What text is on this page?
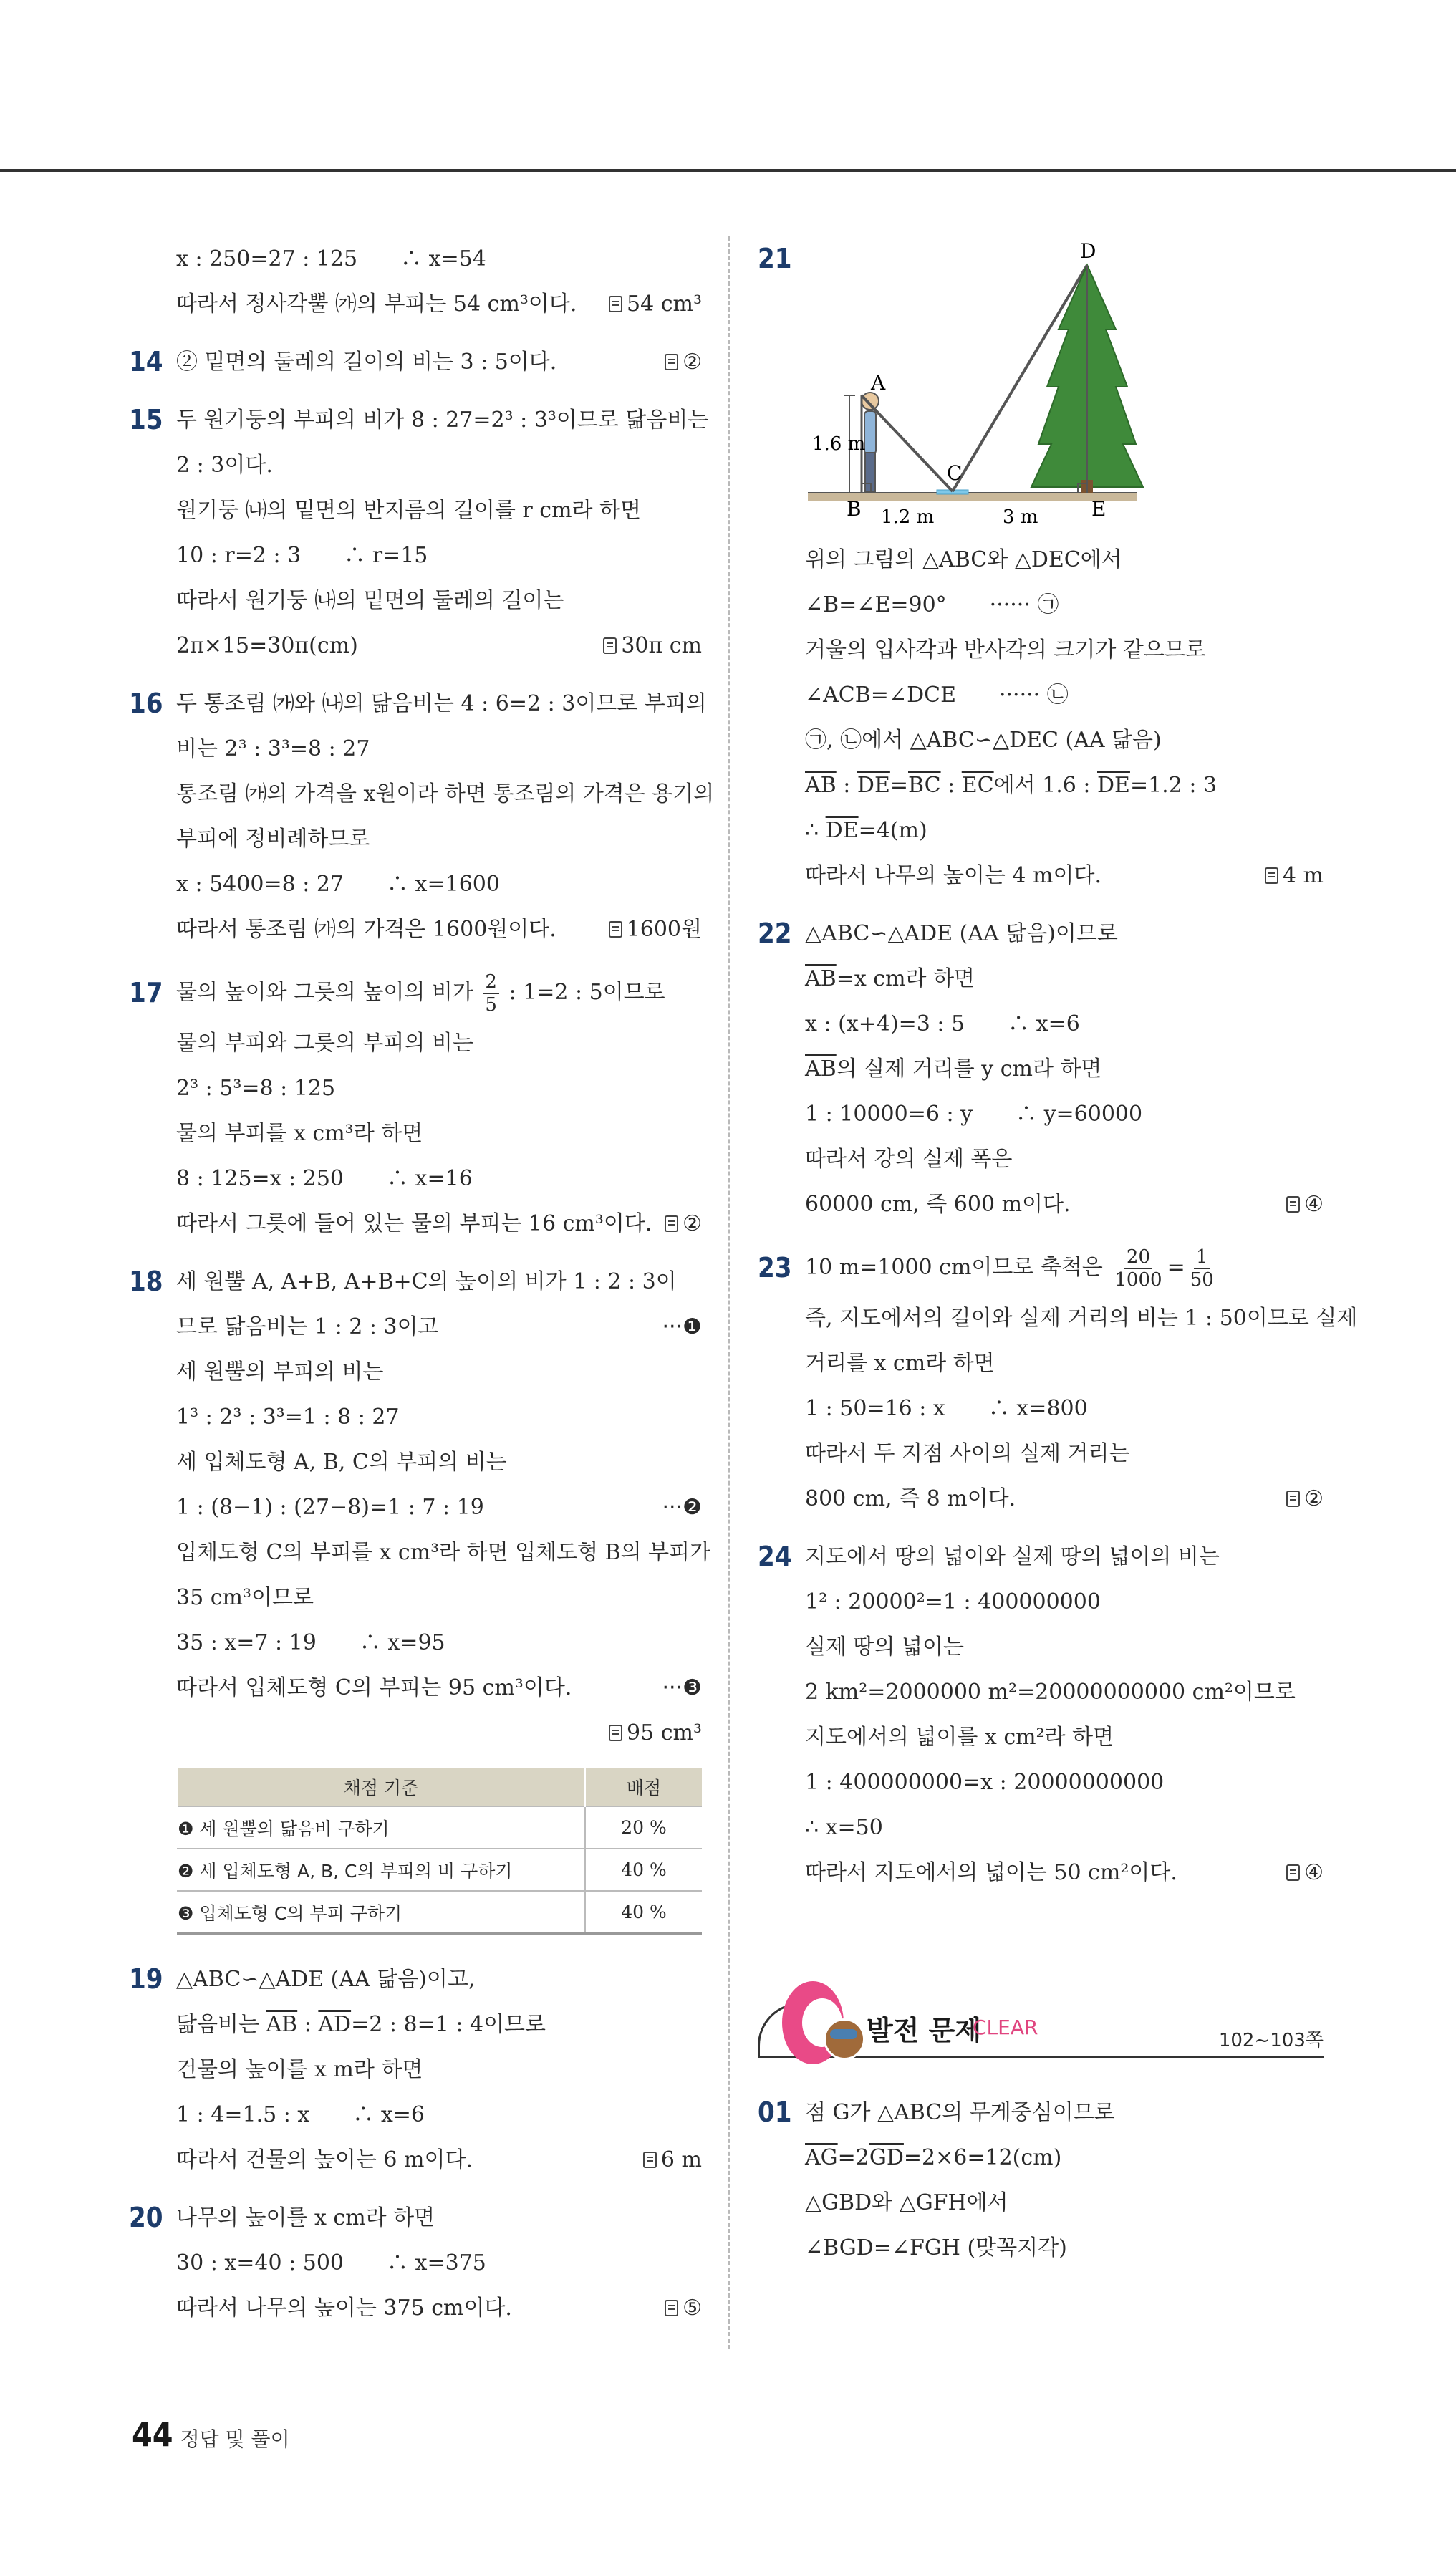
x : 250=27 : 125　　∴ x=54
따라서 정사각뿔 ㈎의 부피는 54 cm³이다.	54 cm³
14 ② 밑면의 둘레의 길이의 비는 3 : 5이다.	②
15 두 원기둥의 부피의 비가 8 : 27=2³ : 3³이므로 닮음비는
2 : 3이다.
원기둥 ㈏의 밑면의 반지름의 길이를 r cm라 하면
10 : r=2 : 3　　∴ r=15
따라서 원기둥 ㈏의 밑면의 둘레의 길이는
2π×15=30π(cm)	30π cm
16 두 통조림 ㈎와 ㈏의 닮음비는 4 : 6=2 : 3이므로 부피의
비는 2³ : 3³=8 : 27
통조림 ㈎의 가격을 x원이라 하면 통조림의 가격은 용기의
부피에 정비례하므로
x : 5400=8 : 27　　∴ x=1600
따라서 통조림 ㈎의 가격은 1600원이다.	1600원
17 물의 높이와 그릇의 높이의 비가 $\frac{2}{5}$ : 1=2 : 5이므로
물의 부피와 그릇의 부피의 비는
2³ : 5³=8 : 125
물의 부피를 x cm³라 하면
8 : 125=x : 250　　∴ x=16
따라서 그릇에 들어 있는 물의 부피는 16 cm³이다.	②
18 세 원뿔 A, A+B, A+B+C의 높이의 비가 1 : 2 : 3이
므로 닮음비는 1 : 2 : 3이고	···❶
세 원뿔의 부피의 비는
1³ : 2³ : 3³=1 : 8 : 27
세 입체도형 A, B, C의 부피의 비는
1 : (8−1) : (27−8)=1 : 7 : 19	···❷
입체도형 C의 부피를 x cm³라 하면 입체도형 B의 부피가
35 cm³이므로
35 : x=7 : 19　　∴ x=95
따라서 입체도형 C의 부피는 95 cm³이다.	···❸
95 cm³
채점 기준	배점
❶ 세 원뿔의 닮음비 구하기	20 %
❷ 세 입체도형 A, B, C의 부피의 비 구하기	40 %
❸ 입체도형 C의 부피 구하기	40 %
19 △ABC∽△ADE (AA 닮음)이고,
닮음비는 $\overline{AB}$ : $\overline{AD}=2$ : 8=1 : 4이므로
건물의 높이를 x m라 하면
1 : 4=1.5 : x　　∴ x=6
따라서 건물의 높이는 6 m이다.	6 m
20 나무의 높이를 x cm라 하면
30 : x=40 : 500　　∴ x=375
따라서 나무의 높이는 375 cm이다.	⑤
21
1.6 m
A
B
C
D
E
1.2 m	3 m
위의 그림의 △ABC와 △DEC에서
∠B=∠E=90°　　······ ㉠
거울의 입사각과 반사각의 크기가 같으므로
∠ACB=∠DCE　　······ ㉡
㉠, ㉡에서 △ABC∽△DEC (AA 닮음)
$\overline{AB}$ : $\overline{DE}=\overline{BC}$ : $\overline{EC}$에서 1.6 : $\overline{DE}=1.2$ : 3
∴ $\overline{DE}=4(m)$
따라서 나무의 높이는 4 m이다.	4 m
22 △ABC∽△ADE (AA 닮음)이므로
$\overline{AB}=x$ cm라 하면
x : (x+4)=3 : 5　　∴ x=6
$\overline{AB}$의 실제 거리를 y cm라 하면
1 : 10000=6 : y　　∴ y=60000
따라서 강의 실제 폭은
60000 cm, 즉 600 m이다.	④
23 10 m=1000 cm이므로 축척은 $\frac{20}{1000} = \frac{1}{50}$
즉, 지도에서의 길이와 실제 거리의 비는 1 : 50이므로 실제
거리를 x cm라 하면
1 : 50=16 : x　　∴ x=800
따라서 두 지점 사이의 실제 거리는
800 cm, 즉 8 m이다.	②
24 지도에서 땅의 넓이와 실제 땅의 넓이의 비는
1² : 20000²=1 : 400000000
실제 땅의 넓이는
2 km²=2000000 m²=20000000000 cm²이므로
지도에서의 넓이를 x cm²라 하면
1 : 400000000=x : 20000000000
∴ x=50
따라서 지도에서의 넓이는 50 cm²이다.	④
발전 문제
CLEAR
102~103쪽
01 점 G가 △ABC의 무게중심이므로
$\overline{AG}=2\overline{GD}=2\times 6=12(cm)$
△GBD와 △GFH에서
∠BGD=∠FGH (맞꼭지각)
44 정답 및 풀이
